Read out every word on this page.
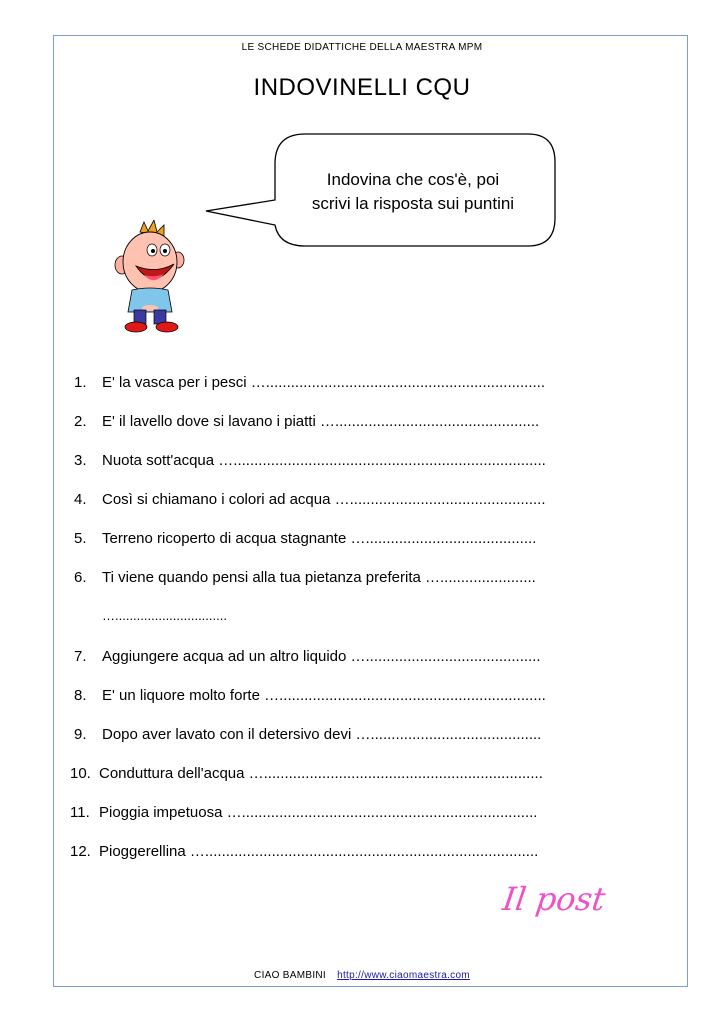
LE SCHEDE DIDATTICHE DELLA MAESTRA MPM
INDOVINELLI CQU
Indovina che cos'è, poi
scrivi la risposta sui puntini
1. E' la vasca per i pesci …...................................................................
2. E' il lavello dove si lavano i piatti ….................................................
3. Nuota sott'acqua …...........................................................................
4. Così si chiamano i colori ad acqua …...............................................
5. Terreno ricoperto di acqua stagnante ….........................................
6. Ti viene quando pensi alla tua pietanza preferita ….......................
…...............................
7. Aggiungere acqua ad un altro liquido …..........................................
8. E' un liquore molto forte …................................................................
9. Dopo aver lavato con il detersivo devi ….........................................
10. Conduttura dell'acqua …...................................................................
11. Pioggia impetuosa ….......................................................................
12. Pioggerellina …................................................................................
Il post
CIAO BAMBINI http://www.ciaomaestra.com
